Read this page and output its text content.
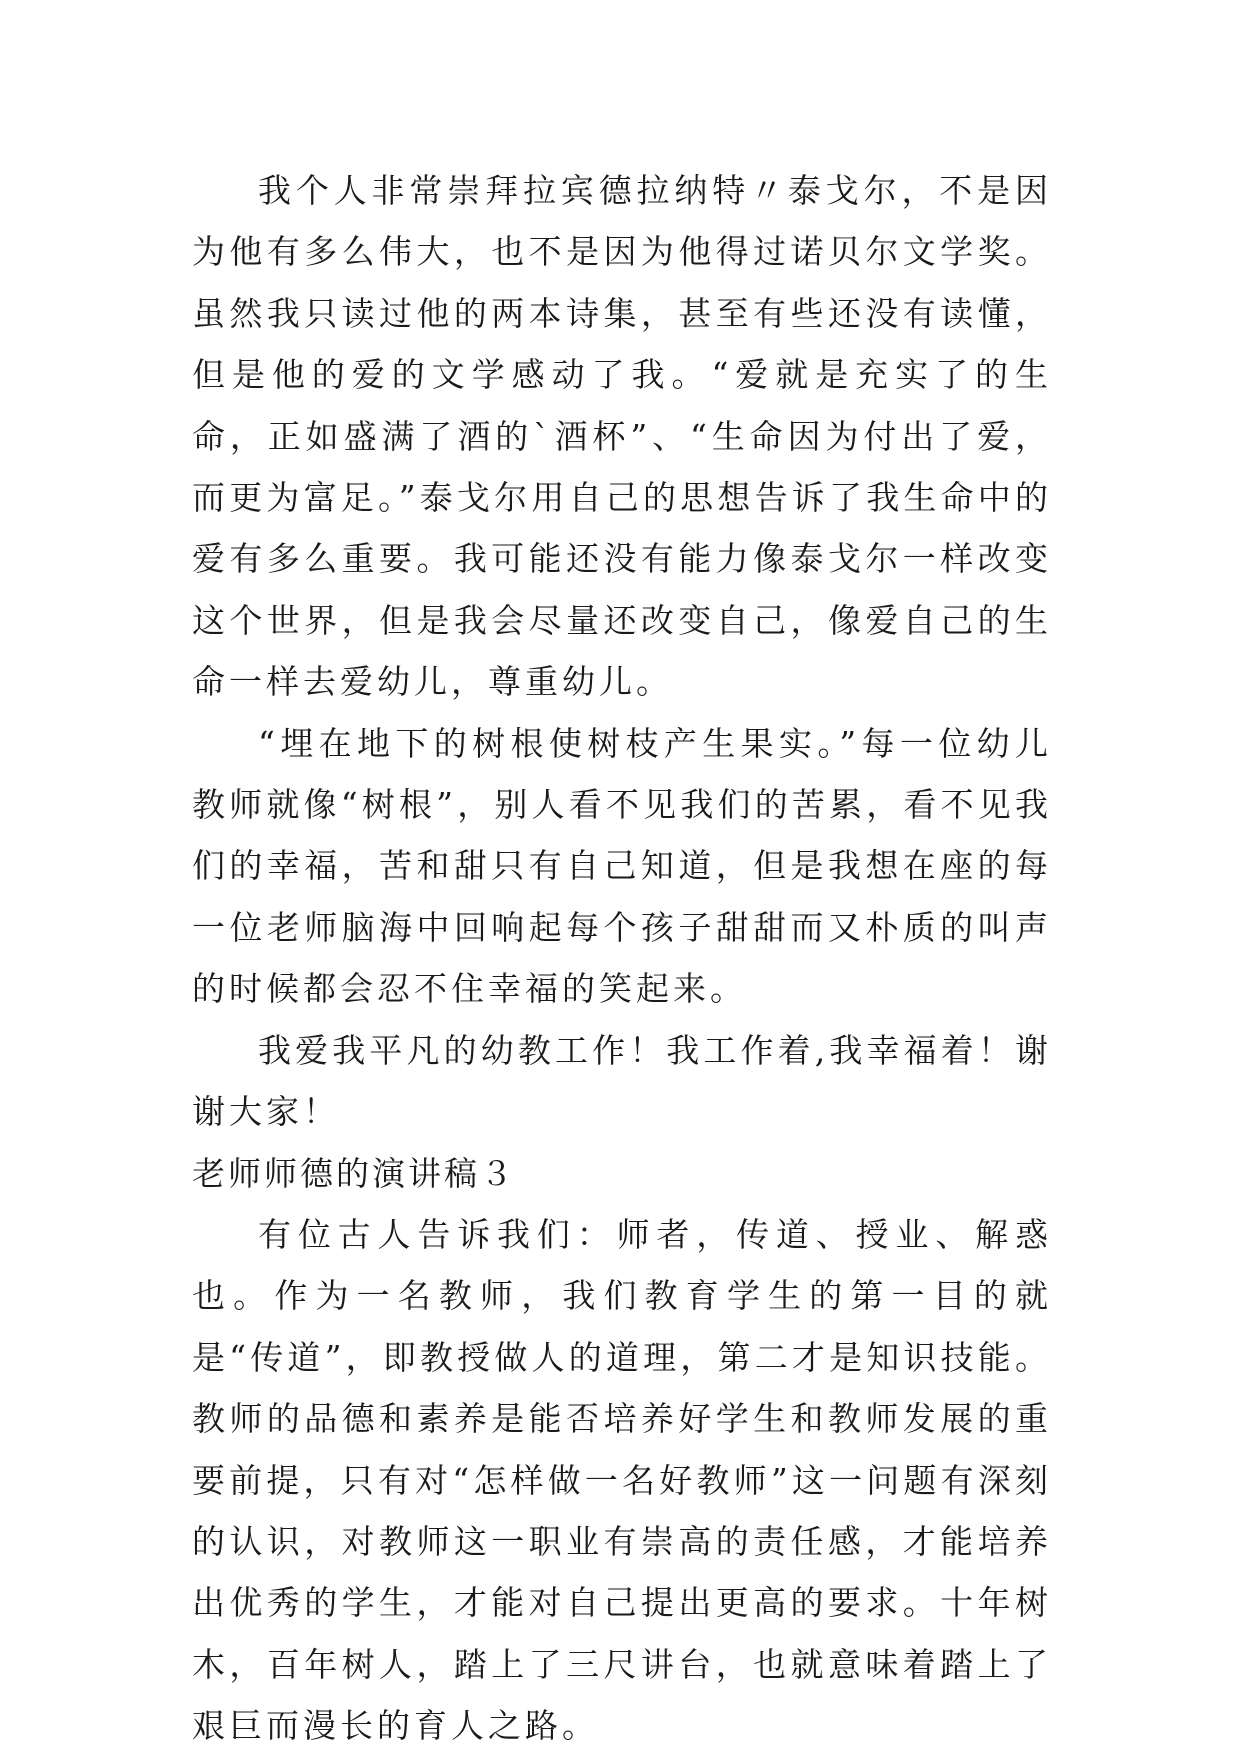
我个人非常崇拜拉宾德拉纳特〃泰戈尔，不是因为他有多么伟大，也不是因为他得过诺贝尔文学奖。 虽然我只读过他的两本诗集，甚至有些还没有读懂，但是他的爱的文学感动了我。“爱就是充实了的生命，正如盛满了酒的`酒杯”、“生命因为付出了爱，而更为富足。”泰戈尔用自己的思想告诉了我生命中的爱有多么重要。我可能还没有能力像泰戈尔一样改变这个世界，但是我会尽量还改变自己，像爱自己的生命一样去爱幼儿，尊重幼儿。

“埋在地下的树根使树枝产生果实。”每一位幼儿教师就像“树根”，别人看不见我们的苦累，看不见我们的幸福，苦和甜只有自己知道，但是我想在座的每一位老师脑海中回响起每个孩子甜甜而又朴质的叫声的时候都会忍不住幸福的笑起来。

我爱我平凡的幼教工作！我工作着,我幸福着！谢谢大家！

老师师德的演讲稿３

有位古人告诉我们：师者，传道、授业、解惑也。作为一名教师，我们教育学生的第一目的就是“传道”，即教授做人的道理，第二才是知识技能。教师的品德和素养是能否培养好学生和教师发展的重要前提，只有对“怎样做一名好教师”这一问题有深刻的认识，对教师这一职业有崇高的责任感，才能培养出优秀的学生，才能对自己提出更高的要求。十年树木，百年树人，踏上了三尺讲台，也就意味着踏上了艰巨而漫长的育人之路。
